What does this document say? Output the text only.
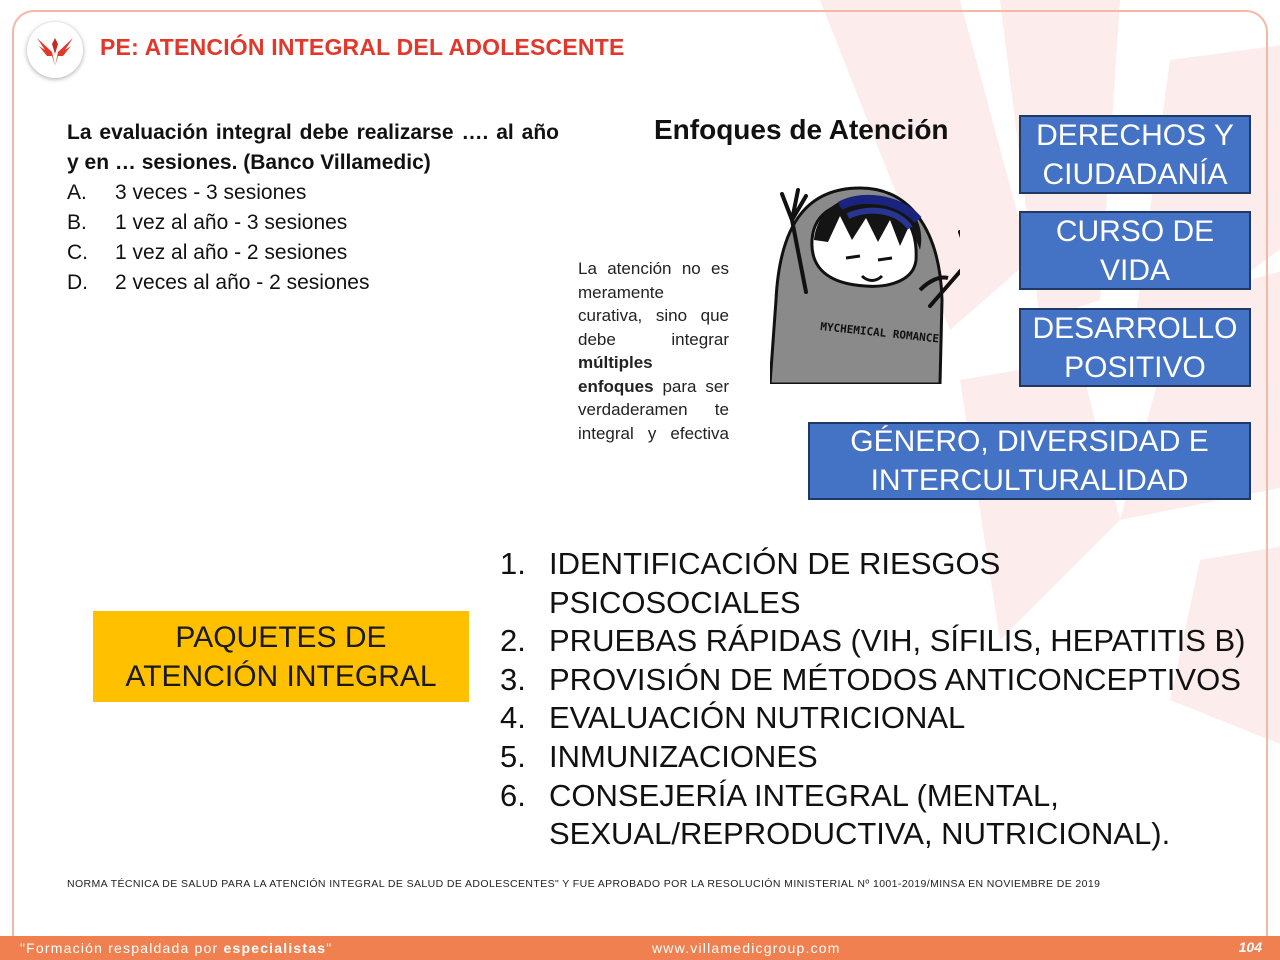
PE: ATENCIÓN INTEGRAL DEL ADOLESCENTE
La evaluación integral debe realizarse …. al año y en … sesiones. (Banco Villamedic)
A.	3 veces - 3 sesiones
B.	1 vez al año - 3 sesiones
C.	1 vez al año - 2 sesiones
D.	2 veces al año - 2 sesiones
Enfoques de Atención
MYCHEMICAL ROMANCE
La atención no es meramente curativa, sino que debe integrar múltiples enfoques para ser verdaderamen te integral y efectiva
DERECHOS Y
CIUDADANÍA
CURSO DE
VIDA
DESARROLLO
POSITIVO
GÉNERO, DIVERSIDAD E
INTERCULTURALIDAD
PAQUETES DE
ATENCIÓN INTEGRAL
1. IDENTIFICACIÓN DE RIESGOS PSICOSOCIALES
2. PRUEBAS RÁPIDAS (VIH, SÍFILIS, HEPATITIS B)
3. PROVISIÓN DE MÉTODOS ANTICONCEPTIVOS
4. EVALUACIÓN NUTRICIONAL
5. INMUNIZACIONES
6. CONSEJERÍA INTEGRAL (MENTAL, SEXUAL/REPRODUCTIVA, NUTRICIONAL).
NORMA TÉCNICA DE SALUD PARA LA ATENCIÓN INTEGRAL DE SALUD DE ADOLESCENTES" Y FUE APROBADO POR LA RESOLUCIÓN MINISTERIAL Nº 1001-2019/MINSA EN NOVIEMBRE DE 2019
"Formación respaldada por especialistas"	www.villamedicgroup.com	104
